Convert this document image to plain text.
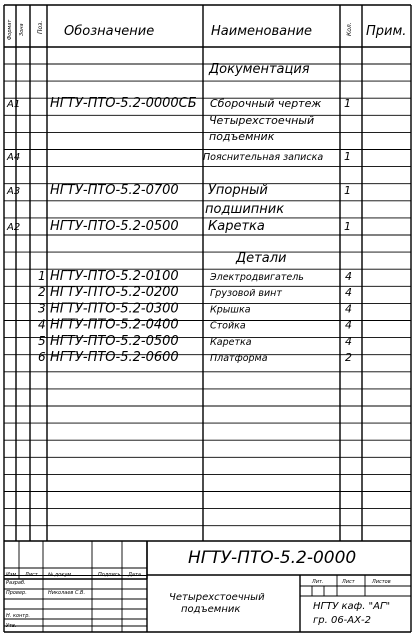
Формат Зона Поз. Обозначение	Наименование	Кол. Прим.
Документация
А1 НГТУ-ПТО-5.2-0000СБ Сборочный чертеж 1
Четырехстоечный
подъемник
А4	Пояснительная записка 1
А3 НГТУ-ПТО-5.2-0700 Упорный	1
подшипник
А2 НГТУ-ПТО-5.2-0500 Каретка	1
Детали
1 НГТУ-ПТО-5.2-0100	Электродвигатель	4
2 НГТУ-ПТО-5.2-0200	Грузовой винт	4
3 НГТУ-ПТО-5.2-0300	Крышка	4
4 НГТУ-ПТО-5.2-0400	Стойка	4
5 НГТУ-ПТО-5.2-0500	Каретка	4
6 НГТУ-ПТО-5.2-0600	Платформа	2
НГТУ-ПТО-5.2-0000
Изм. Лист № докум.	Подпись Дата
Разраб.
Провер.	Николаев С.В.
Н. контр.
Утв.
Четырехстоечный
подъемник
Лит.	Лист	Листов
НГТУ каф. "АГ"
гр. 06-АХ-2
